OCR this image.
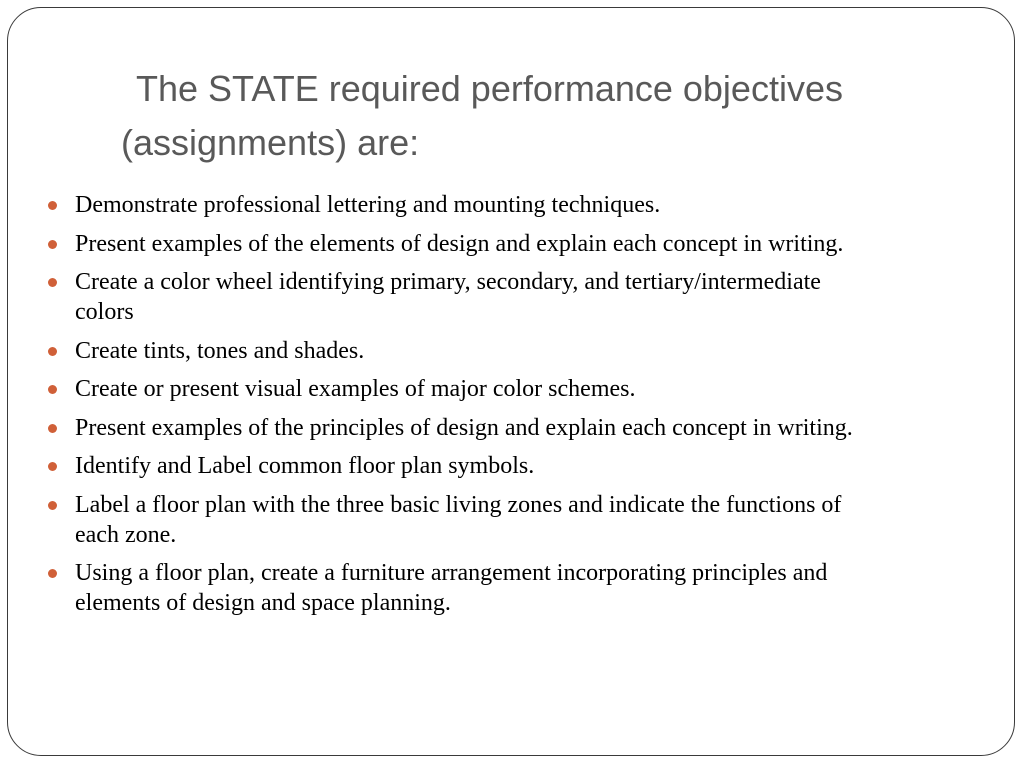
The STATE required performance objectives (assignments) are:
Demonstrate professional lettering and mounting techniques.
Present examples of the elements of design and explain each concept in writing.
Create a color wheel identifying primary, secondary, and tertiary/intermediate colors
Create tints, tones and shades.
Create or present visual examples of major color schemes.
Present examples of the principles of design and explain each concept in writing.
Identify and Label common floor plan symbols.
Label a floor plan with the three basic living zones and indicate the functions of each zone.
Using a floor plan, create a furniture arrangement incorporating principles and elements of design and space planning.
